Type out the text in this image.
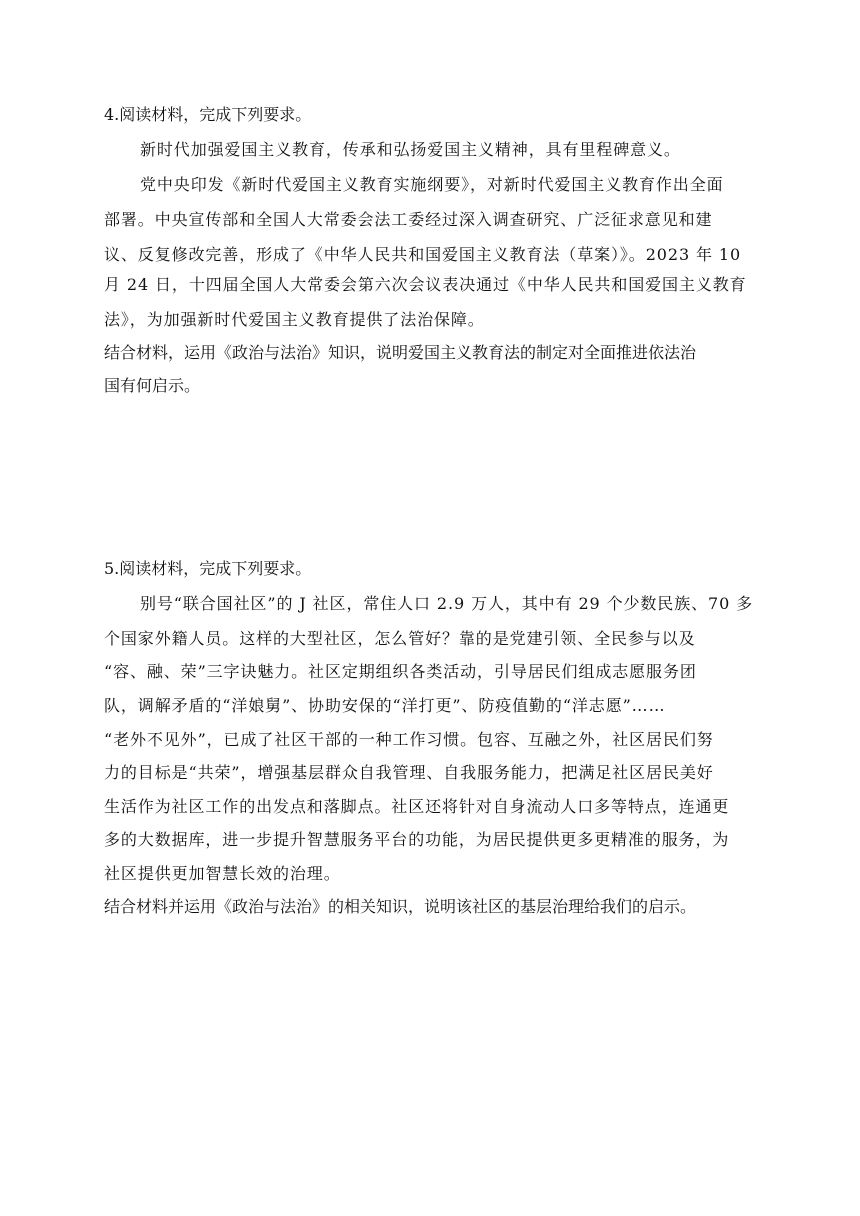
4.阅读材料，完成下列要求。
新时代加强爱国主义教育，传承和弘扬爱国主义精神，具有里程碑意义。
党中央印发《新时代爱国主义教育实施纲要》，对新时代爱国主义教育作出全面
部署。中央宣传部和全国人大常委会法工委经过深入调查研究、广泛征求意见和建
议、反复修改完善，形成了《中华人民共和国爱国主义教育法（草案）》。2023 年 10
月 24 日，十四届全国人大常委会第六次会议表决通过《中华人民共和国爱国主义教育
法》，为加强新时代爱国主义教育提供了法治保障。
结合材料，运用《政治与法治》知识，说明爱国主义教育法的制定对全面推进依法治
国有何启示。
5.阅读材料，完成下列要求。
别号“联合国社区”的 J 社区，常住人口 2.9 万人，其中有 29 个少数民族、70 多
个国家外籍人员。这样的大型社区，怎么管好？靠的是党建引领、全民参与以及
“容、融、荣”三字诀魅力。社区定期组织各类活动，引导居民们组成志愿服务团
队，调解矛盾的“洋娘舅”、协助安保的“洋打更”、防疫值勤的“洋志愿”……
“老外不见外”，已成了社区干部的一种工作习惯。包容、互融之外，社区居民们努
力的目标是“共荣”，增强基层群众自我管理、自我服务能力，把满足社区居民美好
生活作为社区工作的出发点和落脚点。社区还将针对自身流动人口多等特点，连通更
多的大数据库，进一步提升智慧服务平台的功能，为居民提供更多更精准的服务，为
社区提供更加智慧长效的治理。
结合材料并运用《政治与法治》的相关知识，说明该社区的基层治理给我们的启示。
